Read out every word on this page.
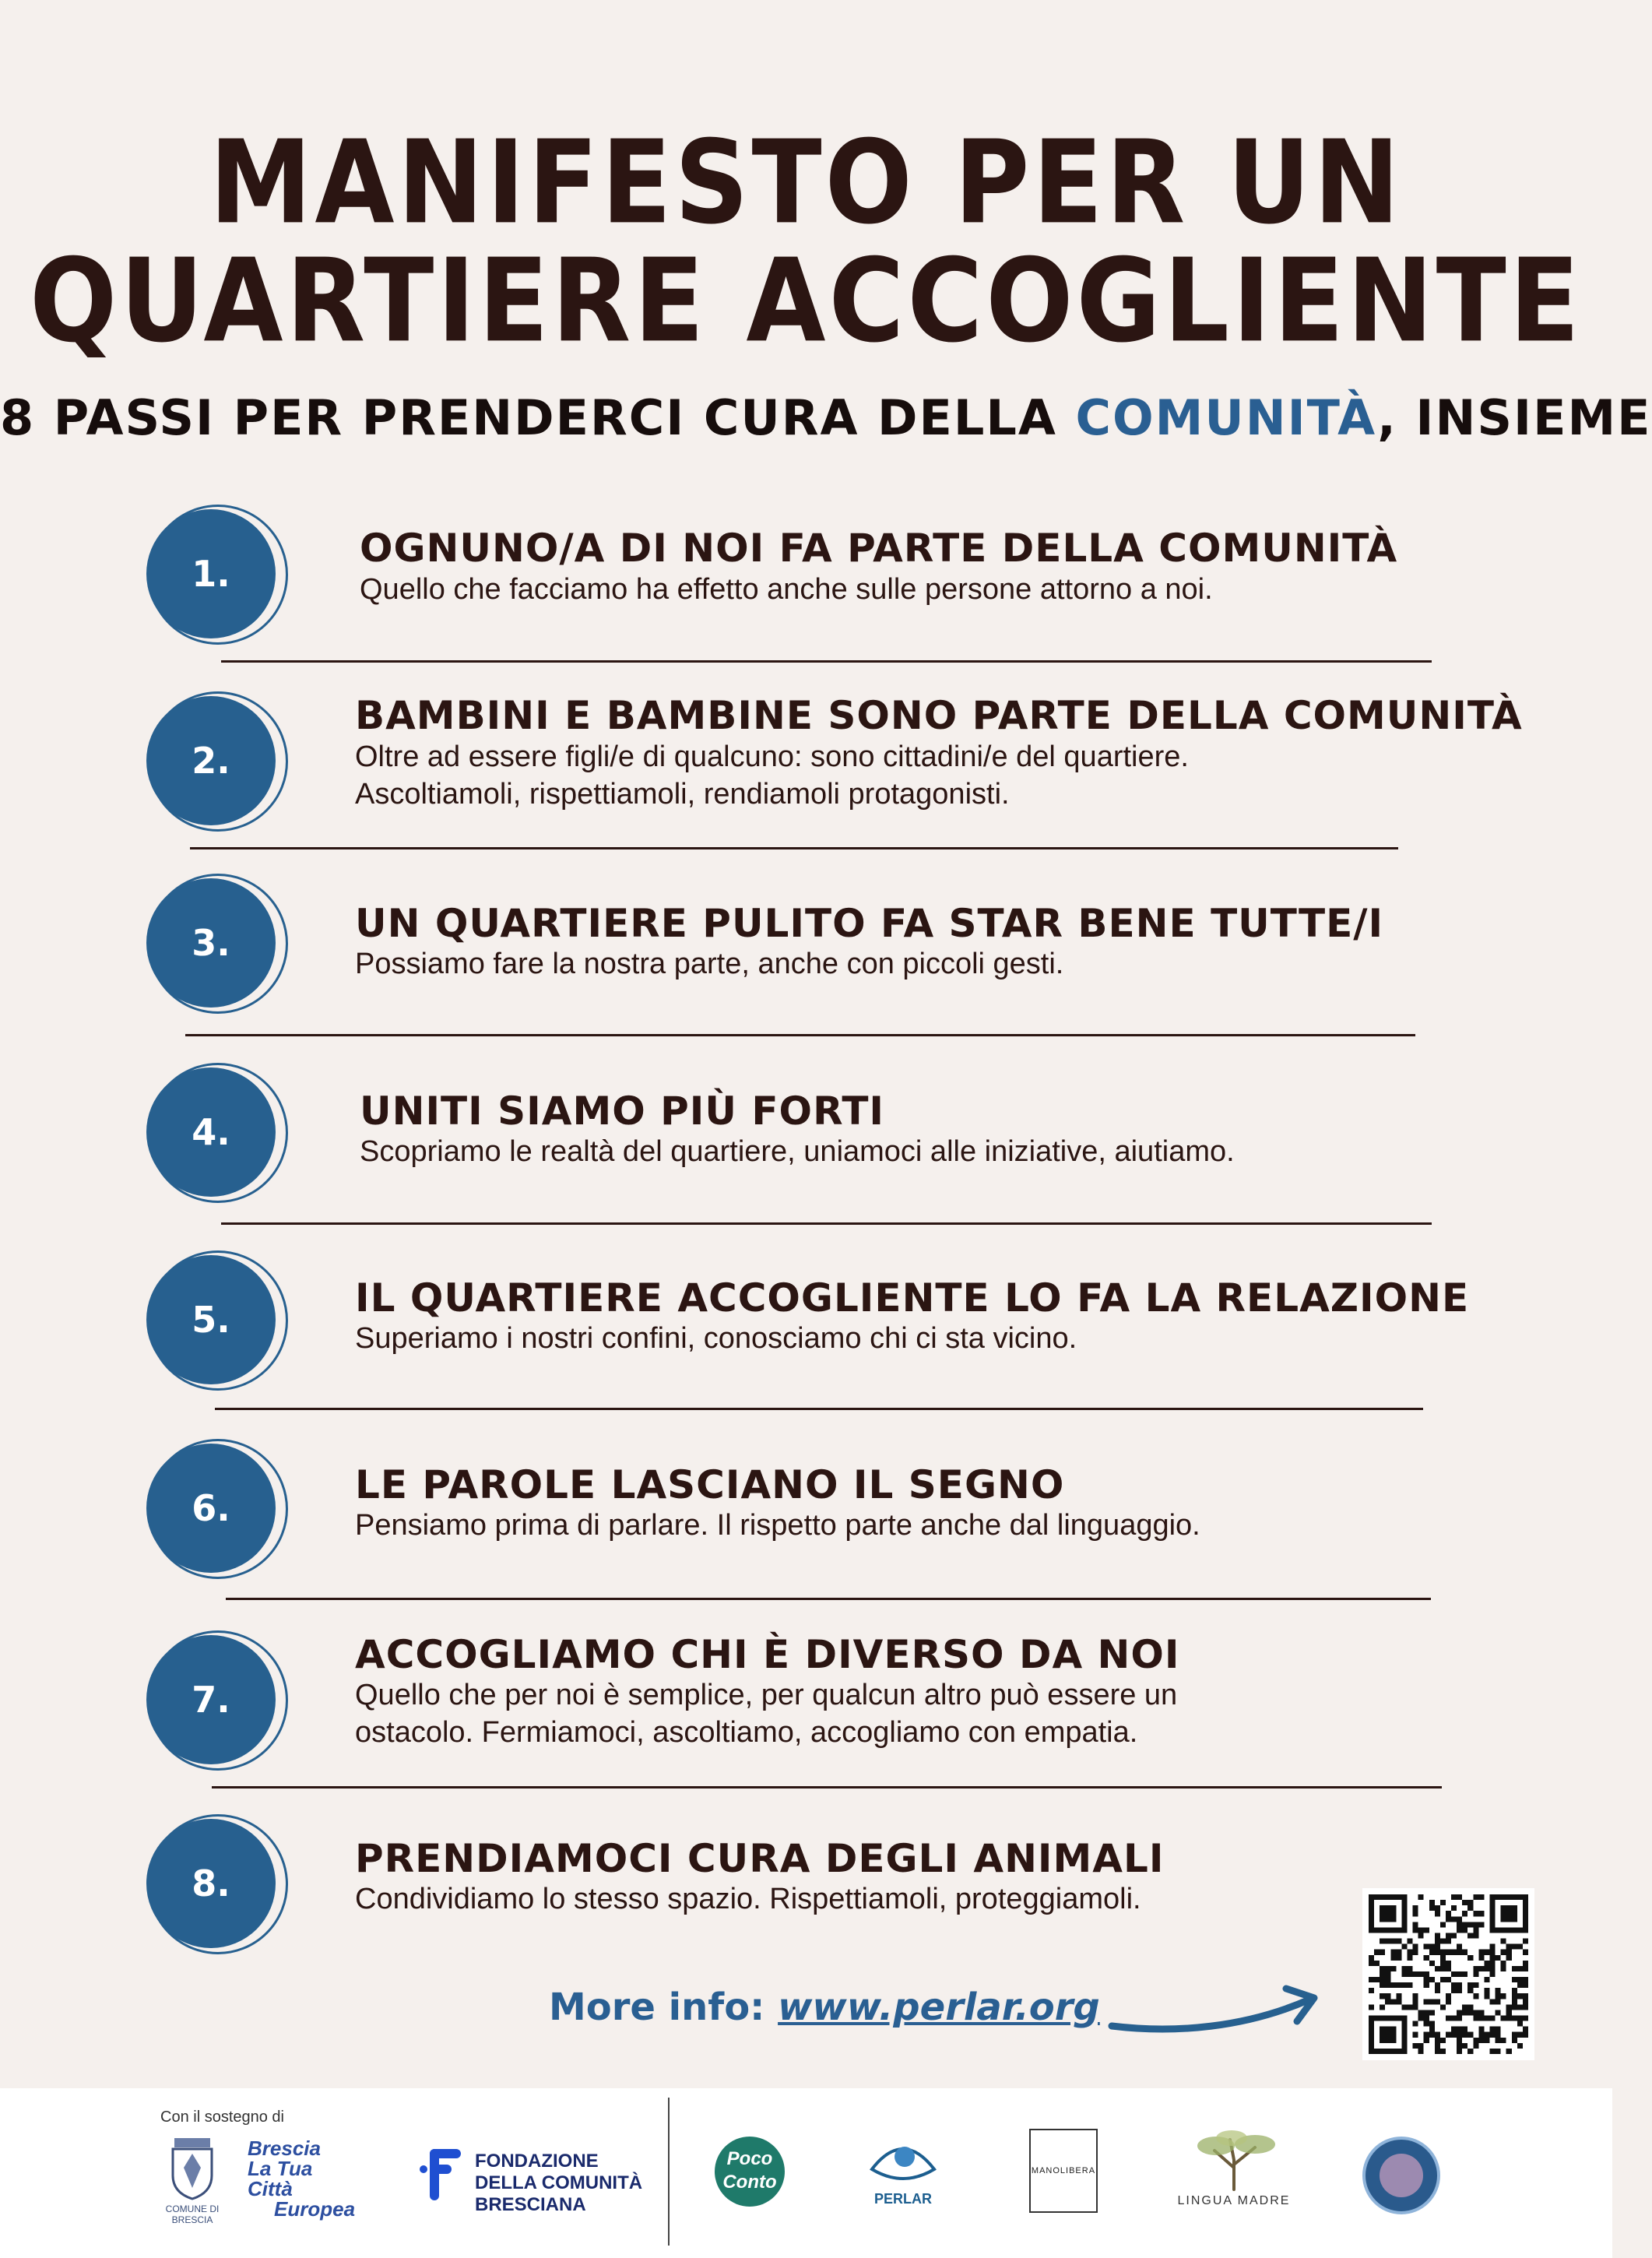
MANIFESTO PER UN
QUARTIERE ACCOGLIENTE
8 PASSI PER PRENDERCI CURA DELLA COMUNITÀ, INSIEME
1.
OGNUNO/A DI NOI FA PARTE DELLA COMUNITÀ
Quello che facciamo ha effetto anche sulle persone attorno a noi.
2.
BAMBINI E BAMBINE SONO PARTE DELLA COMUNITÀ
Oltre ad essere figli/e di qualcuno: sono cittadini/e del quartiere.
Ascoltiamoli, rispettiamoli, rendiamoli protagonisti.
3.	UN QUARTIERE PULITO FA STAR BENE TUTTE/I
Possiamo fare la nostra parte, anche con piccoli gesti.
4.	UNITI SIAMO PIÙ FORTI
Scopriamo le realtà del quartiere, uniamoci alle iniziative, aiutiamo.
5.	IL QUARTIERE ACCOGLIENTE LO FA LA RELAZIONE
Superiamo i nostri confini, conosciamo chi ci sta vicino.
6.
LE PAROLE LASCIANO IL SEGNO
Pensiamo prima di parlare. Il rispetto parte anche dal linguaggio.
7.
ACCOGLIAMO CHI È DIVERSO DA NOI
Quello che per noi è semplice, per qualcun altro può essere un
ostacolo. Fermiamoci, ascoltiamo, accogliamo con empatia.
8.
PRENDIAMOCI CURA DEGLI ANIMALI
Condividiamo lo stesso spazio. Rispettiamoli, proteggiamoli.
More info: www.perlar.org
Con il sostegno di
COMUNE DI BRESCIA
Brescia
La Tua Città
Europea
FONDAZIONE
DELLA COMUNITÀ
BRESCIANA
Poco
Conto
PERLAR
MANOLIBERA
LINGUA MADRE
